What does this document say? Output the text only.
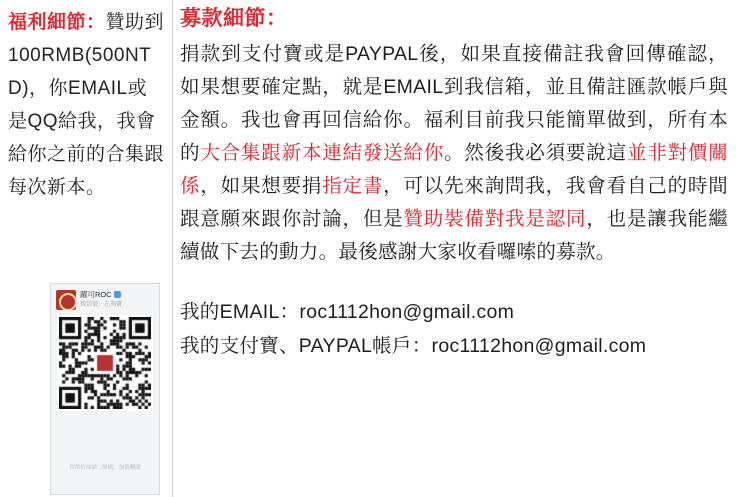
福利細節：贊助到100RMB(500NTD)，你EMAIL或是QQ給我，我會給你之前的合集跟每次新本。
躍可ROC
微信號：在淘寶
用微信掃描二維碼，加我轉賬
募款細節：
捐款到支付寶或是PAYPAL後，如果直接備註我會回傳確認，如果想要確定點，就是EMAIL到我信箱，並且備註匯款帳戶與金額。我也會再回信給你。福利目前我只能簡單做到，所有本的大合集跟新本連結發送給你。然後我必須要說這並非對價關係，如果想要捐指定書，可以先來詢問我，我會看自己的時間跟意願來跟你討論，但是贊助裝備對我是認同，也是讓我能繼續做下去的動力。最後感謝大家收看囉嗦的募款。
我的EMAIL：roc1112hon@gmail.com
我的支付寶、PAYPAL帳戶：roc1112hon@gmail.com
